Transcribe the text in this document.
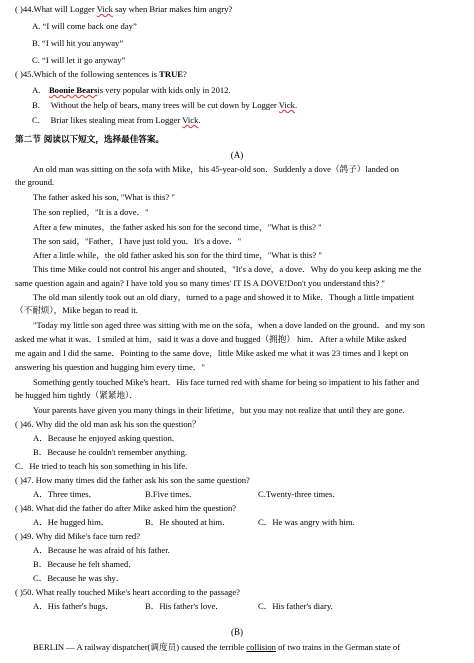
( )44.What will Logger Vick say when Briar makes him angry?
A. “I will come back one day”
B. “I will hit you anyway”
C. “I will let it go anyway”
( )45.Which of the following sentences is TRUE?
A. Boonie Bearsis very popular with kids only in 2012.
B. Without the help of bears, many trees will be cut down by Logger Vick.
C. Briar likes stealing meat from Logger Vick.
第二节 阅读以下短文，选择最佳答案。
(A)
An old man was sitting on the sofa with Mike，his 45-year-old son．Suddenly a dove（鸽子）landed on
the ground.
The father asked his son, "What is this? "
The son replied，"It is a dove．"
After a few minutes，the father asked his son for the second time，"What is this? "
The son said，"Father，I have just told you．It's a dove．"
After a little while，the old father asked his son for the third time，"What is this? "
This time Mike could not control his anger and shouted，"It's a dove，a dove．Why do you keep asking me the
same question again and again? I have told you so many times' IT IS A DOVE!Don't you understand this? "
The old man silently took out an old diary，turned to a page and showed it to Mike．Though a little impatient
（不耐烦），Mike began to read it.
"Today my little son aged three was sitting with me on the sofa，when a dove landed on the ground．and my son
asked me what it was．I smiled at him，said it was a dove and hugged（拥抱） him．After a while Mike asked
me again and I did the same．Pointing to the same dove，little Mike asked me what it was 23 times and I kept on
answering his question and hugging him every time．"
Something gently touched Mike's heart．His face turned red with shame for being so impatient to his father and
he hugged him tightly（紧紧地）．
Your parents have given you many things in their lifetime，but you may not realize that until they are gone.
( )46. Why did the old man ask his son the question？
A．Because he enjoyed asking question.
B．Because he couldn't remember anything.
C．He tried to teach his son something in his life.
( )47. How many times did the father ask his son the same question?
A．Three times．	B.Five times．	C.Twenty-three times．
( )48. What did the father do after Mike asked him the question?
A．He hugged him．	B．He shouted at him．	C．He was angry with him.
( )49. Why did Mike's face turn red?
A．Because he was afraid of his father.
B．Because he felt shamed．
C．Because he was shy．
( )50. What really touched Mike's heart according to the passage?
A．His father's hugs．	B．His father's love．	C．His father's diary.
(B)
BERLIN — A railway dispatcher(调度员) caused the terrible collision of two trains in the German state of
